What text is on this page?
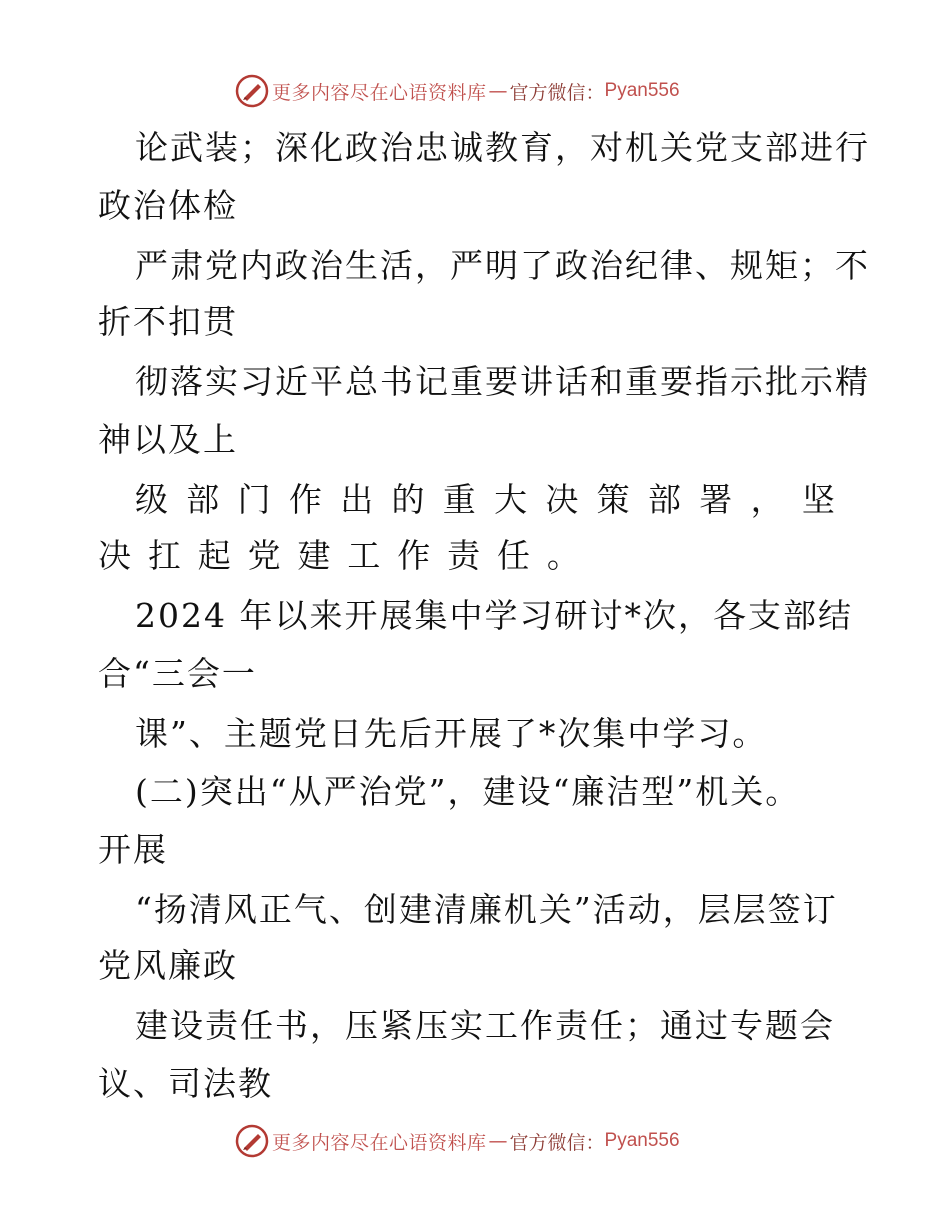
更多内容尽在心语资料库 — 官方微信： Pyan556
论武装；深化政治忠诚教育，对机关党支部进行
政治体检
严肃党内政治生活，严明了政治纪律、规矩；不
折不扣贯
彻落实习近平总书记重要讲话和重要指示批示精
神以及上
级 部 门 作 出 的 重 大 决 策 部 署 ， 坚
决 扛 起 党 建 工 作 责 任 。
2024 年以来开展集中学习研讨*次，各支部结
合“三会一
课”、主题党日先后开展了*次集中学习。
(二)突出“从严治党”，建设“廉洁型”机关。
开展
“扬清风正气、创建清廉机关”活动，层层签订
党风廉政
建设责任书，压紧压实工作责任；通过专题会
议、司法教
更多内容尽在心语资料库 — 官方微信： Pyan556
